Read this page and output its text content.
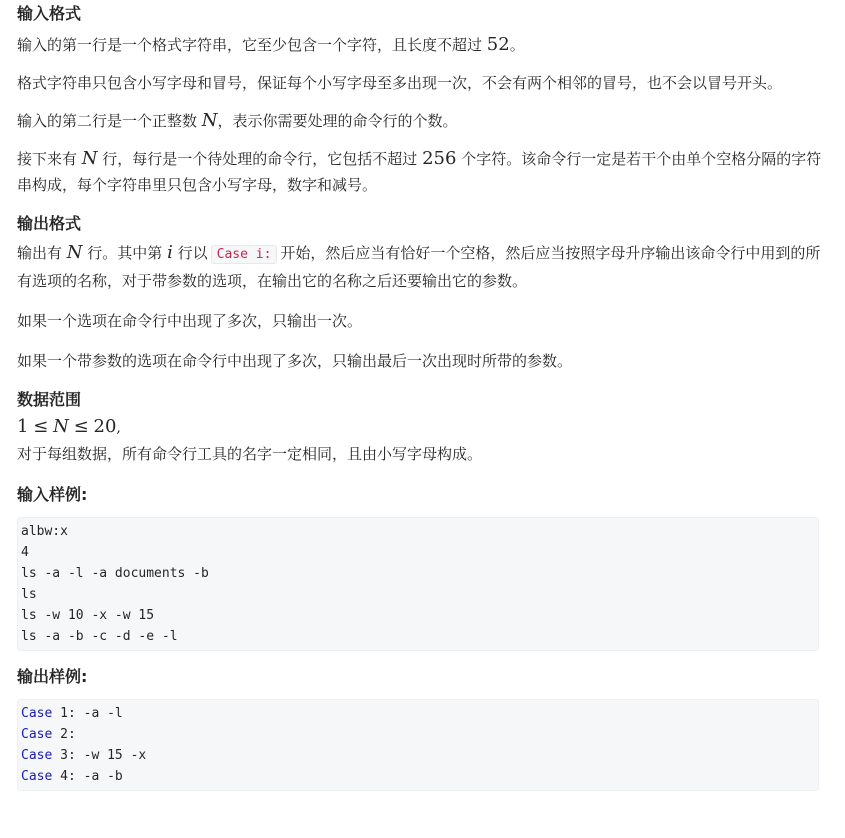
输入格式

输入的第一行是一个格式字符串，它至少包含一个字符，且长度不超过 52。

格式字符串只包含小写字母和冒号，保证每个小写字母至多出现一次，不会有两个相邻的冒号，也不会以冒号开头。

输入的第二行是一个正整数 N，表示你需要处理的命令行的个数。

接下来有 N 行，每行是一个待处理的命令行，它包括不超过 256 个字符。该命令行一定是若干个由单个空格分隔的字符串构成，每个字符串里只包含小写字母，数字和减号。

输出格式

输出有 N 行。其中第 i 行以 Case i: 开始，然后应当有恰好一个空格，然后应当按照字母升序输出该命令行中用到的所有选项的名称，对于带参数的选项，在输出它的名称之后还要输出它的参数。

如果一个选项在命令行中出现了多次，只输出一次。

如果一个带参数的选项在命令行中出现了多次，只输出最后一次出现时所带的参数。

数据范围

1 ≤ N ≤ 20,

对于每组数据，所有命令行工具的名字一定相同，且由小写字母构成。

输入样例:
albw:x
4
ls -a -l -a documents -b
ls
ls -w 10 -x -w 15
ls -a -b -c -d -e -l
输出样例:
Case 1: -a -l
Case 2:
Case 3: -w 15 -x
Case 4: -a -b
